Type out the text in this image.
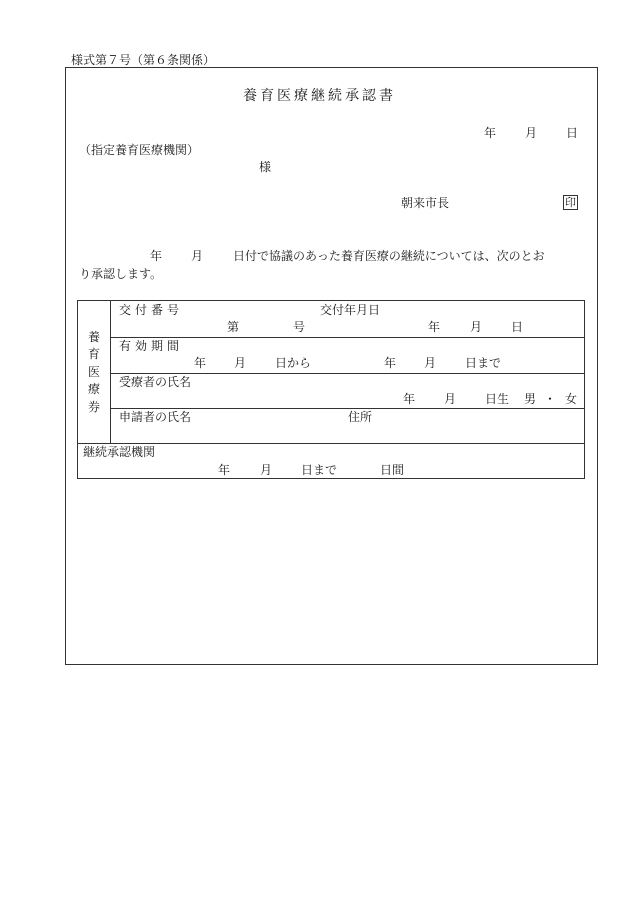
様式第７号（第６条関係）
養育医療継続承認書
年 月 日
（指定養育医療機関）
様
朝来市長	印
年 月 日付で協議のあった養育医療の継続については、次のとお
り承認します。
養
育
医
療
券
交付番号	交付年月日
第	号	年 月 日
有効期間
年 月 日から	年 月 日まで
受療者の氏名
年 月 日生 男 ・ 女
申請者の氏名	住所
継続承認機関
年 月 日まで	日間
